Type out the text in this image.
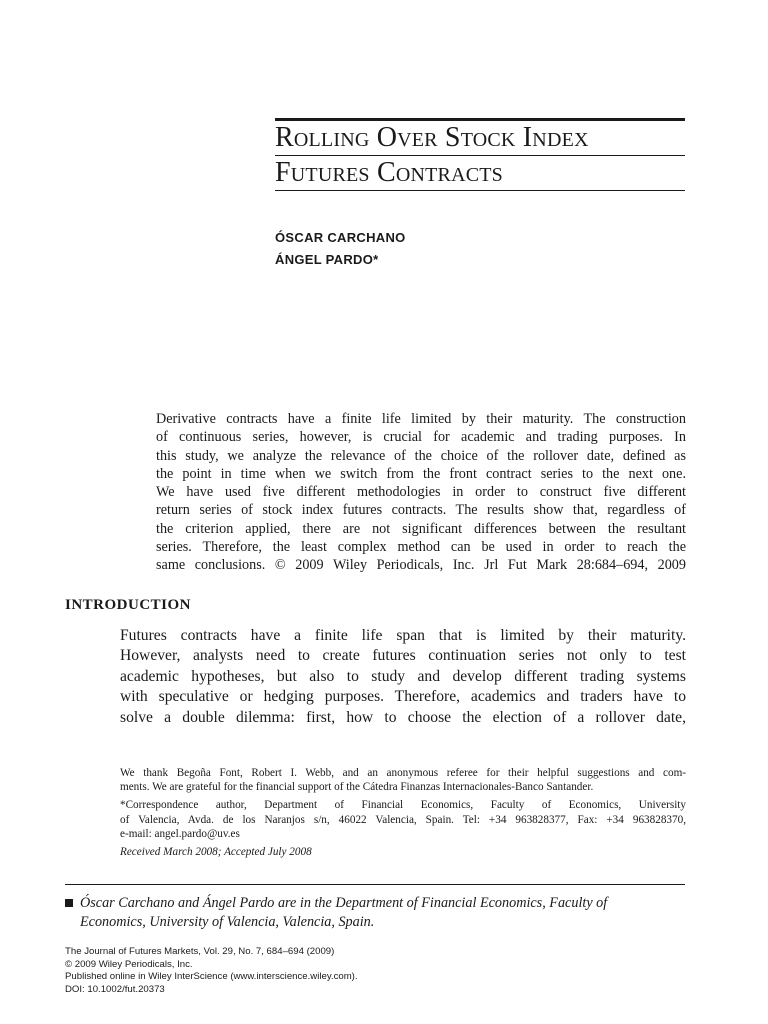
Rolling Over Stock Index
Futures Contracts
ÓSCAR CARCHANO
ÁNGEL PARDO*
Derivative contracts have a finite life limited by their maturity. The construction
of continuous series, however, is crucial for academic and trading purposes. In
this study, we analyze the relevance of the choice of the rollover date, defined as
the point in time when we switch from the front contract series to the next one.
We have used five different methodologies in order to construct five different
return series of stock index futures contracts. The results show that, regardless of
the criterion applied, there are not significant differences between the resultant
series. Therefore, the least complex method can be used in order to reach the
same conclusions. © 2009 Wiley Periodicals, Inc. Jrl Fut Mark 28:684–694, 2009
INTRODUCTION
Futures contracts have a finite life span that is limited by their maturity.
However, analysts need to create futures continuation series not only to test
academic hypotheses, but also to study and develop different trading systems
with speculative or hedging purposes. Therefore, academics and traders have to
solve a double dilemma: first, how to choose the election of a rollover date,

We thank Begoña Font, Robert I. Webb, and an anonymous referee for their helpful suggestions and com-
ments. We are grateful for the financial support of the Cátedra Finanzas Internacionales-Banco Santander.

*Correspondence author, Department of Financial Economics, Faculty of Economics, University
of Valencia, Avda. de los Naranjos s/n, 46022 Valencia, Spain. Tel: +34 963828377, Fax: +34 963828370,
e-mail: angel.pardo@uv.es

Received March 2008; Accepted July 2008

Óscar Carchano and Ángel Pardo are in the Department of Financial Economics, Faculty of
Economics, University of Valencia, Valencia, Spain.
The Journal of Futures Markets, Vol. 29, No. 7, 684–694 (2009)
© 2009 Wiley Periodicals, Inc.
Published online in Wiley InterScience (www.interscience.wiley.com).
DOI: 10.1002/fut.20373
